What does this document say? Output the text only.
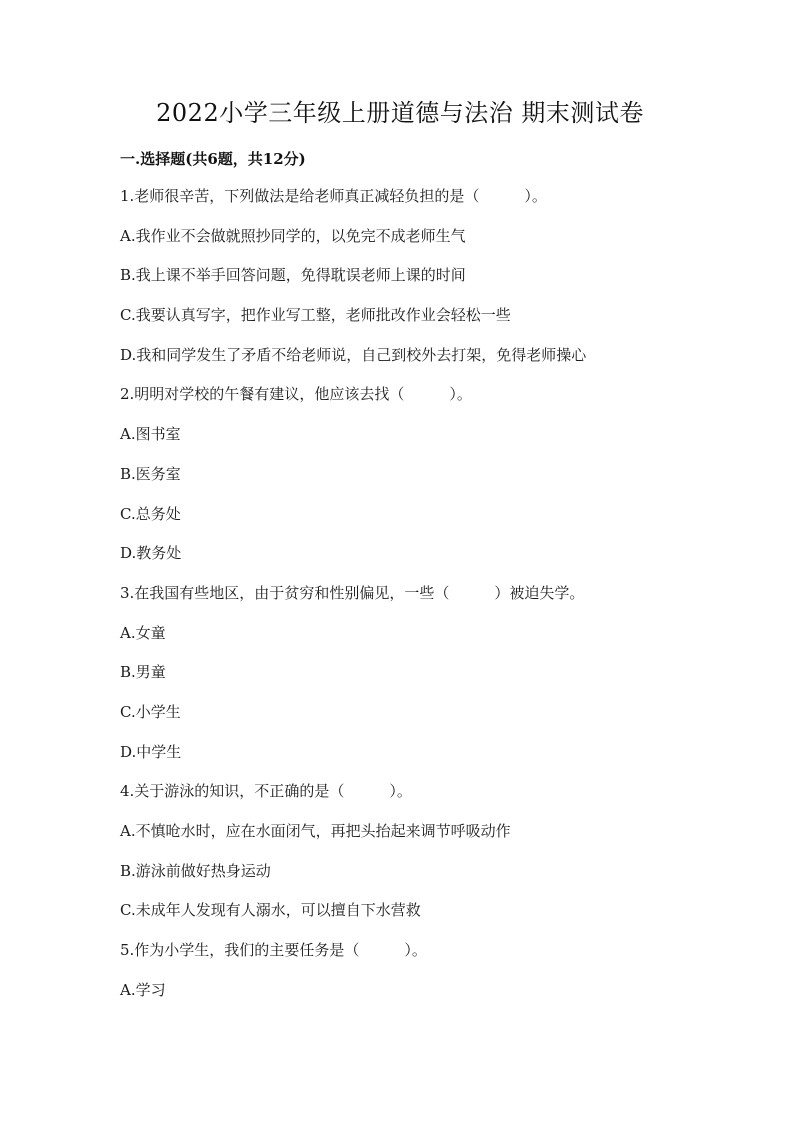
2022小学三年级上册道德与法治 期末测试卷
一.选择题(共6题，共12分)
1.老师很辛苦，下列做法是给老师真正减轻负担的是（　　　）。
A.我作业不会做就照抄同学的，以免完不成老师生气
B.我上课不举手回答问题，免得耽误老师上课的时间
C.我要认真写字，把作业写工整，老师批改作业会轻松一些
D.我和同学发生了矛盾不给老师说，自己到校外去打架，免得老师操心
2.明明对学校的午餐有建议，他应该去找（　　　）。
A.图书室
B.医务室
C.总务处
D.教务处
3.在我国有些地区，由于贫穷和性别偏见，一些（　　　）被迫失学。
A.女童
B.男童
C.小学生
D.中学生
4.关于游泳的知识，不正确的是（　　　）。
A.不慎呛水时，应在水面闭气，再把头抬起来调节呼吸动作
B.游泳前做好热身运动
C.未成年人发现有人溺水，可以擅自下水营救
5.作为小学生，我们的主要任务是（　　　）。
A.学习
